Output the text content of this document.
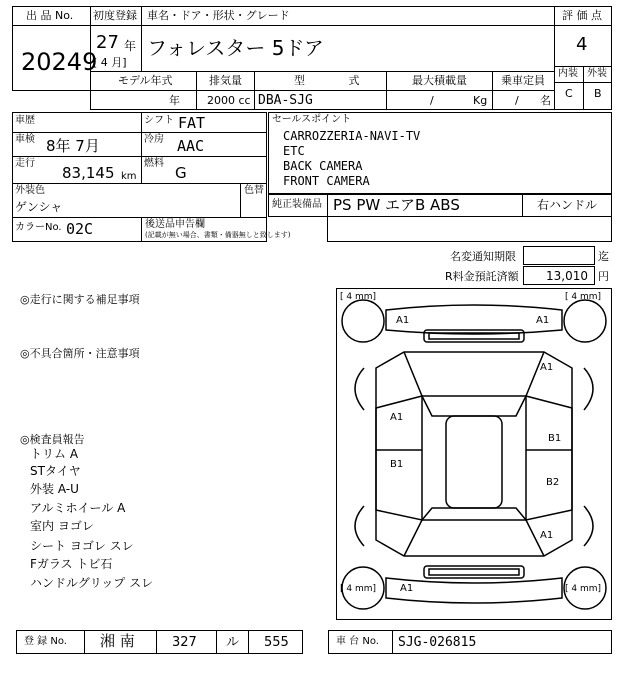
出 品 No.
20249
初度登録 車名・ドア・形状・グレード
27 年
[ 4 月]
フォレスター 5ドア
モデル年式	排気量	型 式	最大積載量	乗車定員
年 2000 cc DBA-SJG	/	Kg	/ 名
評 価 点
4
内装 外装
C B
車歴	シフト FAT
車検 8年 7月	冷房 AAC
走行
83,145 km
燃料
G
外装色
ゲンシャ
色替
カラーNo. 02C	後送品申告欄
(記載が無い場合、書類・備器無しと致します)
セールスポイント
CARROZZERIA-NAVI-TV
ETC
BACK CAMERA
FRONT CAMERA
純正装備品 PS PW エアB ABS	右ハンドル
名変通知期限	迄
R料金預託済額 13,010 円
◎走行に関する補足事項
◎不具合箇所・注意事項
◎検査員報告
トリム A
STタイヤ
外装 A-U
アルミホイール A
室内 ヨゴレ
シート ヨゴレ スレ
Fガラス トビ石
ハンドルグリップ スレ
[ 4 mm]	[ 4 mm]
[ 4 mm]	[ 4 mm]
A1	A1
A1
A1
B1
B1
B2
A1
A1
登 録 No. 湘 南	327 ル 555	車 台 No. SJG-026815
